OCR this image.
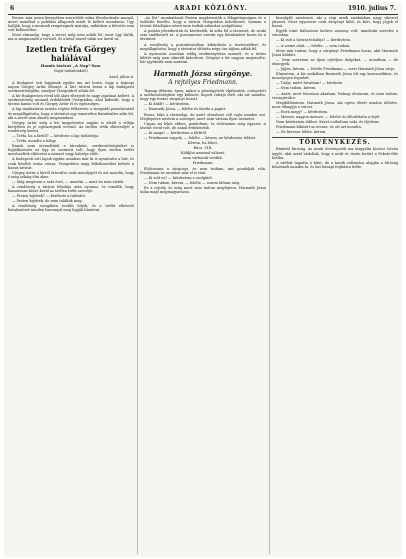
6	ARADI KÖZLÖNY.	1910. julius 7.

Ferenc már jozica közepében szerződött volna Wiesbadenbe mozzal, mivel mondhat a politikai állapotok miatt le kellett mondania. Úgy hallják, hogy a mozinak rengetegnek mutatja, miközben a felvetés sem volt kellemetlen.

Most elmondja, hogy a tervet még nem adták fel, mert úgy hírlik, ma is megmaradt a tervnél, és a késő ősszel talán sor kerül rá.

Izetlen tréfa Görgey halálával
Hamis távirat „A Nap"-hoz.
(Saját tudósítónktól.)
Arad, július 6.

A Budapest esti lapjainak egyike ma azt hozta, hogy a tegnapi napon Görgey Artúr elhunyt. A hírt távirat hozta a lap budapesti szerkesztőségébe, amelyet Visegrádról adtak fel.

A hír Budapesten rövid idő alatt elterjedt és nagy izgalmat keltett. A szerkesztőség azonnal érdeklődött Visegrádon, ahol kiderült, hogy a távirat hamis volt és Görgey Artúr él és egészséges.

A lap munkatársa ezután rögtön felkereste a visegrádi postahivatalt és megállapította, hogy a táviratot egy ismeretlen fiatalember adta fel, aki a nevét nem akarta megmondani.

Görgey Artúr még a hír megjelenése napján is sétált a villája kertjében és jó egészségnek örvend. Az ízetlen tréfa elkövetőjét a rendőrség keresi.

— Tréfa, ha a hírtől? — kérdezte a lap tudósítója.

— Tréfa, mondta a hölgy.

Ennek nem örvendtünk e tárcaként, szerkesztőségünket is foglalkoztatta az ügy és szomorú volt, hogy ilyen ízetlen tréfát merészeltek elkövetni a nemzet nagy halottja előtt.

A budapesti esti lapok egyike azonban már ki is nyomtatta a hírt, és csak később vonta vissza. Visegrádon nagy felháborodást keltett a hamis távirat.

Görgey Artúr a hírről értesülve csak mosolygott és azt mondta, hogy ő még sokáig élni akar.

— Még megérem a száz évet, — mondta — mert én nem sietek.

A rendőrség a távirat feladója után nyomoz, és remélik, hogy hamarosan kézre kerül az ízetlen tréfa szerzője.

— Pesten kijöttek? — kérdezte a tudósító.

— Pesten kijöttek, de nem találták meg.

A rendőrség vizsgálata tovább folyik, és a tréfát elkövető fiatalembert minden bizonnyal meg fogják büntetni.

„Az Est" munkatársát Pesten megkeresték a főkapitányságon és a tudósító közölte, hogy a távirat Visegrádon keletkezett, honnan a távirat feladójára nézve nem tudtak adatokat szolgáltatni.

A postán jelentkeztek és kérdezték, ki adta fel a táviratot, de senki sem emlékezett rá. A postamester szerint egy fiatalember hozta be a táviratot.

A rendőrség a postahivatalban kikérdezte a tisztviselőket, és megállapította, hogy a táviratot délután négy óra tájban adták fel.

A nyomozás azonban eddig eredménytelen maradt, és a tettes kilétét még nem sikerült kideríteni. Görgeyt a hír nagyon megviselte, bár igyekszik nem mutatni.

Harmath Józsa sürgönye.
A rejtélyes Friedmann.

Tegnap délután, épen, mikor a pénzügyőrök elpihentek, csöngetett a szerkesztőségben egy különös, kopott ruhájú férfi, aki azt mondta, hogy egy fontos sürgönyt hozott.

— Ki küldi? — kérdeztem.

— Harmath Józsa, — felelte és átadta a papirt.

Rossz, fakó a táviratlap, de azért olvasható volt rajta minden szó. Meglepetve néztem a szöveget, mert nem vártam ilyen üzenetet.

Ugyan mi lehet ebben, gondoltam, és elolvastam még egyszer. A távirat rövid volt, de annál érdekesebb.

— Ki maga? — kérdeztem a férfitől.

— Friedmann vagyok, — felelte — kérem, ne kérdezzen többet.

Kérem, ha lehet,
Bács. VIII.
Küldjön azonnal választ,
nem várhatok tovább.
Friedmann.

Elolvastam a sürgönyt, és nem tudtam, mit gondoljak róla. Friedmann úr azonban már el is tűnt.

— Ki volt ez? — kérdeztem a szolgától.

— Nem tudom, kérem, — felelte — sosem láttam még.

Ez a rejtély, és még most sem tudom megfejteni. Harmath Józsa talán majd megmagyarázza.

kiszolgált szinésznő, aki a régi aradi színházban nagy sikerrel játszott. Most egyszerre csak sürgönyt küld, és kéri, hogy jöjjek el hozzá.

Egyéb iránt különösen kedves asszony volt, mindenki szerette a városban.

— Ki volt a távirat feladója? — kérdeztem.

— A szeme alatt, — felelte, — nem tudom.

Most már tudom, hogy a sürgönyt Friedmann hozta, akit Harmath Józsa küldött.

— Nem szeretem az ilyen rejtélyes dolgokat, — mondtam — de elmegyek.

— Jöjjön, kérem, — felelte Friedmann — mert Harmath Józsa várja.

Elmentem. A kis szobában Harmath Józsa ült egy karosszékben, és mosolyogva fogadott.

— Tudja, miért hivattam? — kérdezte.

— Nem tudom, kérem.

— Azért, mert búcsúzni akartam. Holnap elutazom, és nem tudom, visszajövök-e.

Megdöbbentem. Harmath Józsa, aki egész életét Aradon töltötte, most elhagyja a várost.

— Hová megy? — kérdeztem.

— Messze, nagyon messze, — felelte és elfordította a fejét.

Nem kérdeztem többet. Kezet csókoltam neki, és eljöttem.

Friedmann kikísért az utcára, és ott azt mondta:

— Ne keresse többé, kérem.

TÖRVÉNYKEZÉS.

Büntető bíróság. Az aradi törvényszék ma tárgyalta Kovács István ügyét, akit azzal vádoltak, hogy a múlt év őszén betört a Fekete-féle boltba.

A vádlott tagadta a bűnt, de a tanúk vallomása alapján a bíróság bűnösnek mondta ki, és hat hónapi fogházra ítélte.
